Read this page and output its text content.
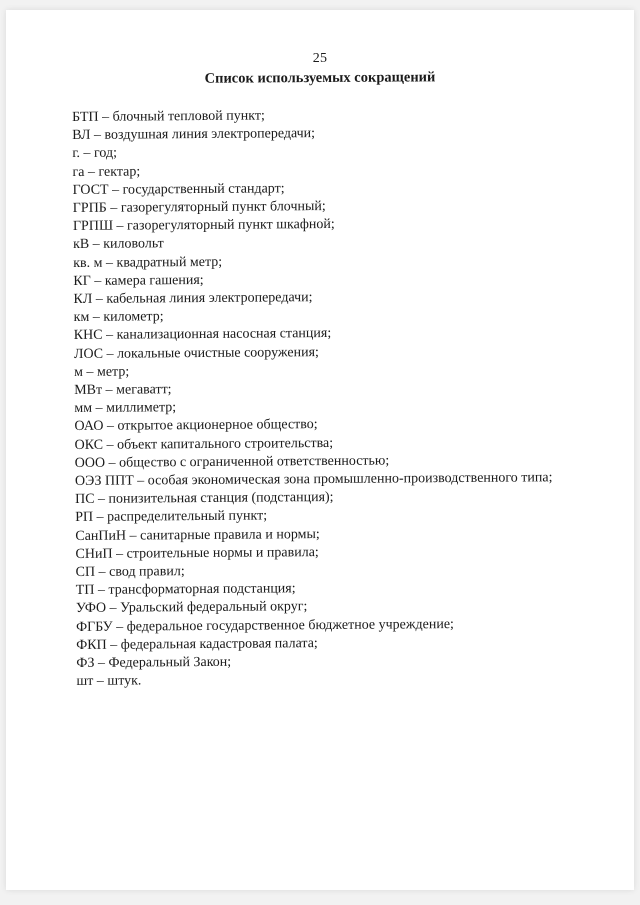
25
Список используемых сокращений
БТП – блочный тепловой пункт;
ВЛ – воздушная линия электропередачи;
г. – год;
га – гектар;
ГОСТ – государственный стандарт;
ГРПБ – газорегуляторный пункт блочный;
ГРПШ – газорегуляторный пункт шкафной;
кВ – киловольт
кв. м – квадратный метр;
КГ – камера гашения;
КЛ – кабельная линия электропередачи;
км – километр;
КНС – канализационная насосная станция;
ЛОС – локальные очистные сооружения;
м – метр;
МВт – мегаватт;
мм – миллиметр;
ОАО – открытое акционерное общество;
ОКС – объект капитального строительства;
ООО – общество с ограниченной ответственностью;
ОЭЗ ППТ – особая экономическая зона промышленно-производственного типа;
ПС – понизительная станция (подстанция);
РП – распределительный пункт;
СанПиН – санитарные правила и нормы;
СНиП – строительные нормы и правила;
СП – свод правил;
ТП – трансформаторная подстанция;
УФО – Уральский федеральный округ;
ФГБУ – федеральное государственное бюджетное учреждение;
ФКП – федеральная кадастровая палата;
ФЗ – Федеральный Закон;
шт – штук.
